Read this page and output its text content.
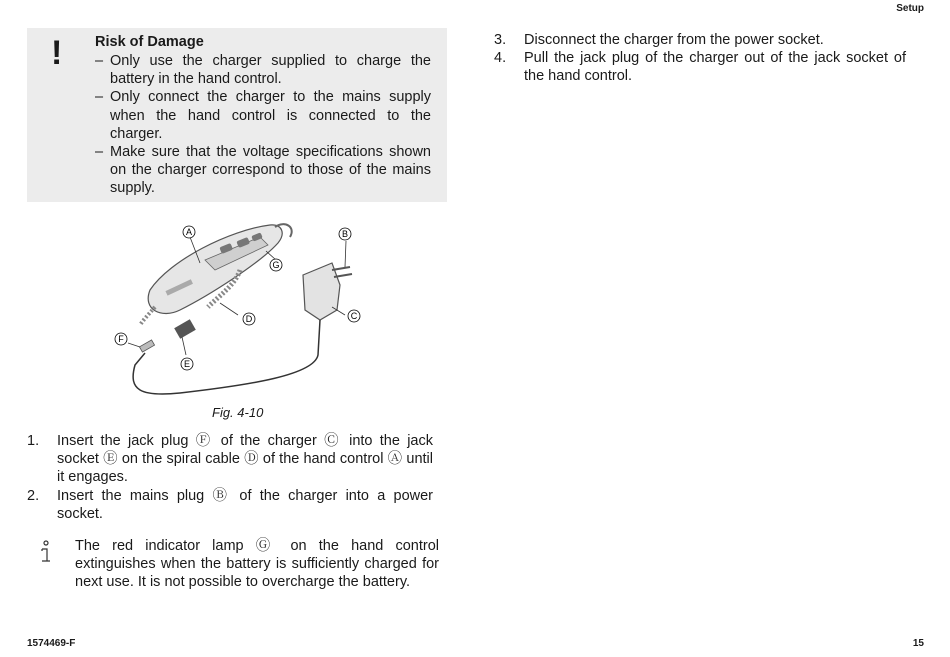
Setup
! Risk of Damage
– Only use the charger supplied to charge the battery in the hand control.
– Only connect the charger to the mains supply when the hand control is connected to the charger.
– Make sure that the voltage specifications shown on the charger correspond to those of the mains supply.
A	B
C
D
E
F
G
Fig. 4-10
1. Insert the jack plug Ⓕ of the charger Ⓒ into the jack socket Ⓔ on the spiral cable Ⓓ of the hand control Ⓐ until it engages.
2. Insert the mains plug Ⓑ of the charger into a power socket.
The red indicator lamp Ⓖ on the hand control extinguishes when the battery is sufficiently charged for next use. It is not possible to overcharge the battery.
3. Disconnect the charger from the power socket.
4. Pull the jack plug of the charger out of the jack socket of the hand control.
1574469-F	15
